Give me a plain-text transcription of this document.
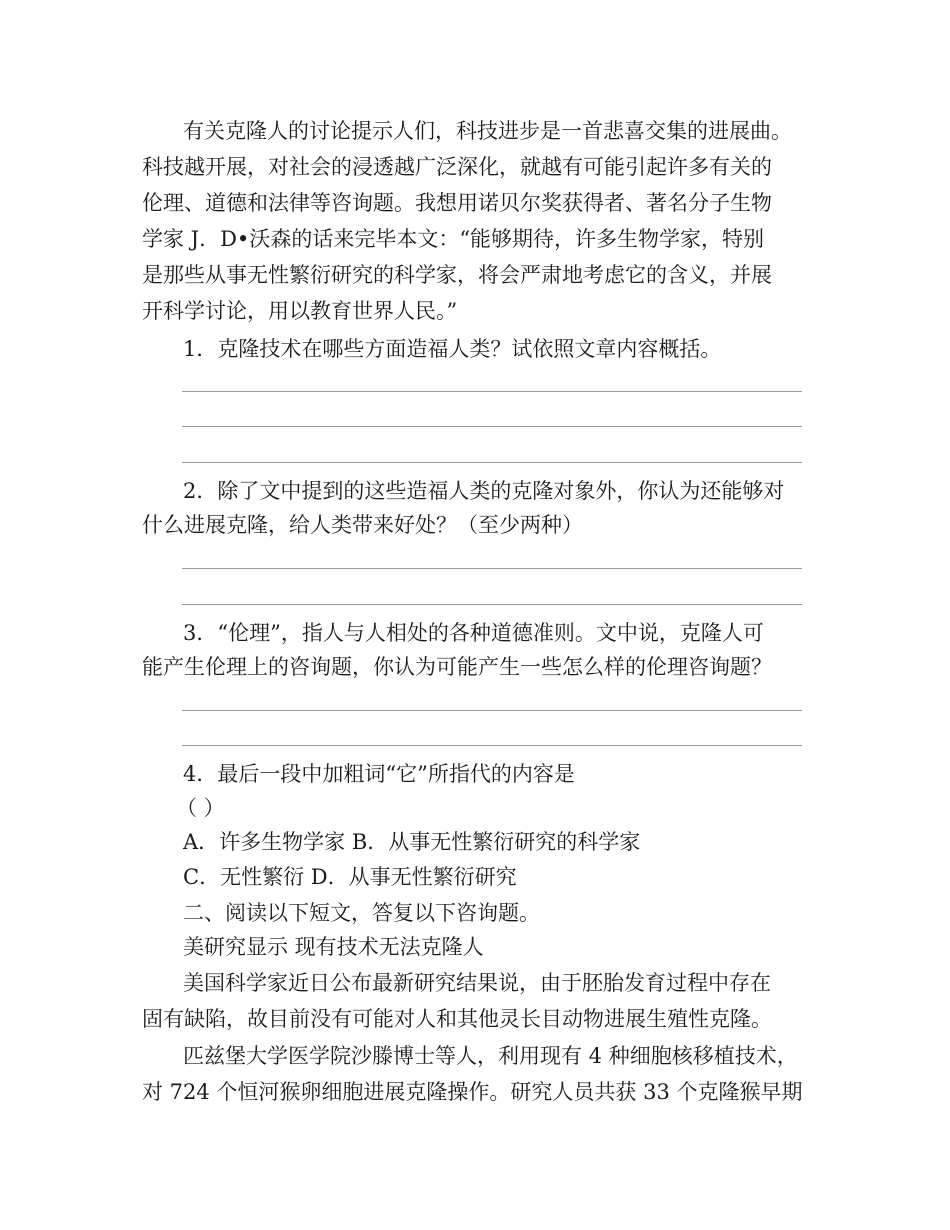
有关克隆人的讨论提示人们，科技进步是一首悲喜交集的进展曲。
科技越开展，对社会的浸透越广泛深化，就越有可能引起许多有关的
伦理、道德和法律等咨询题。我想用诺贝尔奖获得者、著名分子生物
学家 J．D•沃森的话来完毕本文：“能够期待，许多生物学家，特别
是那些从事无性繁衍研究的科学家，将会严肃地考虑它的含义，并展
开科学讨论，用以教育世界人民。”
1．克隆技术在哪些方面造福人类？试依照文章内容概括。
2．除了文中提到的这些造福人类的克隆对象外，你认为还能够对
什么进展克隆，给人类带来好处？（至少两种）
3．“伦理”，指人与人相处的各种道德准则。文中说，克隆人可
能产生伦理上的咨询题，你认为可能产生一些怎么样的伦理咨询题？
4．最后一段中加粗词“它”所指代的内容是
（ ）
A．许多生物学家 B．从事无性繁衍研究的科学家
C．无性繁衍 D．从事无性繁衍研究
二、阅读以下短文，答复以下咨询题。
美研究显示 现有技术无法克隆人
美国科学家近日公布最新研究结果说，由于胚胎发育过程中存在
固有缺陷，故目前没有可能对人和其他灵长目动物进展生殖性克隆。
匹兹堡大学医学院沙滕博士等人，利用现有 4 种细胞核移植技术，
对 724 个恒河猴卵细胞进展克隆操作。研究人员共获 33 个克隆猴早期
